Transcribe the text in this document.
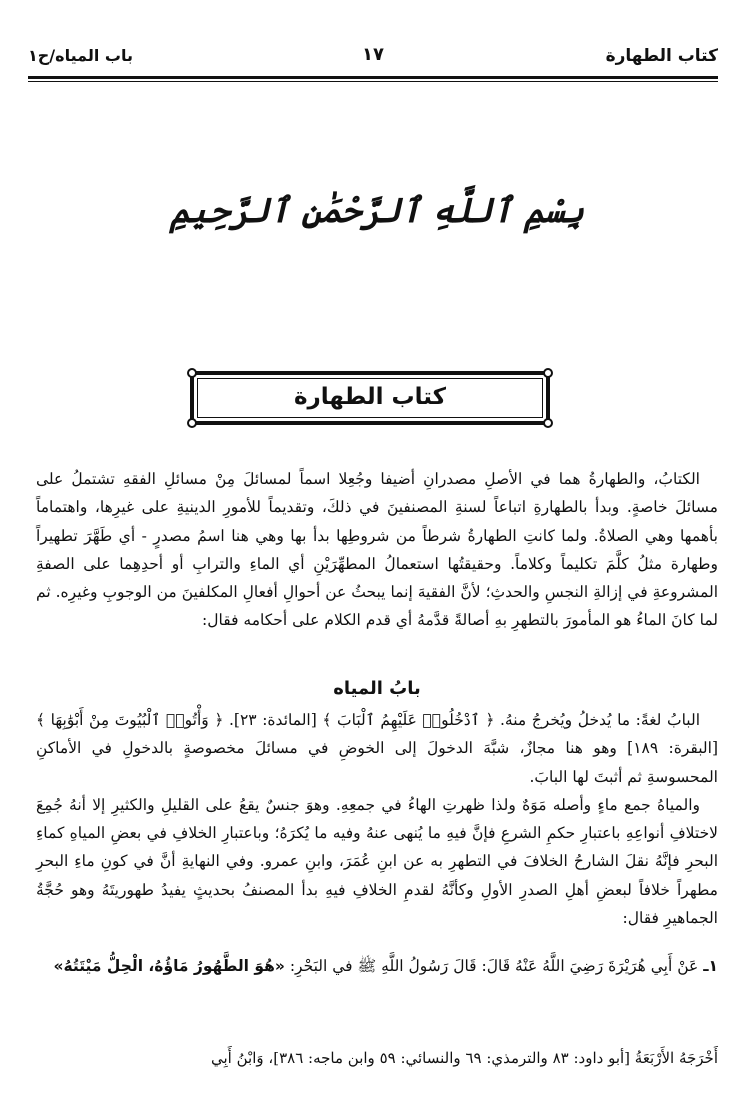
كتاب الطهارة
١٧
باب المياه/ح١
بِسْمِ ٱللَّهِ ٱلرَّحْمَٰنِ ٱلرَّحِيمِ
كتاب الطهارة

الكتابُ، والطهارةُ هما في الأصلِ مصدرانِ أضيفا وجُعِلا اسماً لمسائلَ مِنْ مسائلِ الفقهِ تشتملُ على مسائلَ خاصةٍ. وبدأ بالطهارةِ اتباعاً لسنةِ المصنفينَ في ذلكَ، وتقديماً للأمورِ الدينيةِ على غيرِها، واهتماماً بأهمها وهي الصلاةُ. ولما كانتِ الطهارةُ شرطاً من شروطِها بدأ بها وهي هنا اسمُ مصدرٍ - أي طَهَّرَ تطهيراً وطهارة مثلُ كلَّمَ تكليماً وكلاماً. وحقيقتُها استعمالُ المطهِّرَيْنِ أي الماءِ والترابِ أو أحدِهِما على الصفةِ المشروعةِ في إزالةِ النجسِ والحدثِ؛ لأنَّ الفقيهَ إنما يبحثُ عن أحوالِ أفعالِ المكلفينَ من الوجوبِ وغيرِه. ثم لما كانَ الماءُ هو المأمورَ بالتطهرِ بهِ أصالةً قدَّمهُ أي قدم الكلام على أحكامه فقال:

بابُ المياه

البابُ لغةً: ما يُدخلُ ويُخرجُ منهُ. ﴿ ٱدْخُلُوا۟ عَلَيْهِمُ ٱلْبَابَ ﴾ [المائدة: ٢٣]. ﴿ وَأْتُوا۟ ٱلْبُيُوتَ مِنْ أَبْوَٰبِهَا ﴾ [البقرة: ١٨٩] وهو هنا مجازٌ، شبَّهَ الدخولَ إلى الخوضِ في مسائلَ مخصوصةٍ بالدخولِ في الأماكنِ المحسوسةِ ثم أثبتَ لها البابَ.

والمياهُ جمع ماءٍ وأصله مَوَهٌ ولذا ظهرتِ الهاءُ في جمعِهِ. وهوَ جنسٌ يقعُ على القليلِ والكثيرِ إلا أنهُ جُمِعَ لاختلافِ أنواعِهِ باعتبارِ حكمِ الشرعِ فإنَّ فيهِ ما يُنهى عنهُ وفيه ما يُكرَهُ؛ وباعتبارِ الخلافِ في بعضِ المياهِ كماءِ البحرِ فإنَّهُ نقلَ الشارحُ الخلافَ في التطهرِ به عن ابنِ عُمَرَ، وابنِ عمرو. وفي النهايةِ أنَّ في كونِ ماءِ البحرِ مطهراً خلافاً لبعضِ أهلِ الصدرِ الأولِ وكأنَّهُ لقدمِ الخلافِ فيهِ بدأ المصنفُ بحديثٍ يفيدُ طهوريتَهُ وهو حُجَّةُ الجماهيرِ فقال:

١ـ عَنْ أَبِي هُرَيْرَةَ رَضِيَ اللَّهُ عَنْهُ قَالَ: قَالَ رَسُولُ اللَّهِ ﷺ في البَحْرِ: «هُوَ الطَّهُورُ مَاؤُهُ، الْحِلُّ مَيْتَتُهُ»
أَخْرَجَهُ الأَرْبَعَةُ [أبو داود: ٨٣ والترمذي: ٦٩ والنسائي: ٥٩ وابن ماجه: ٣٨٦]، وَابْنُ أَبِي
